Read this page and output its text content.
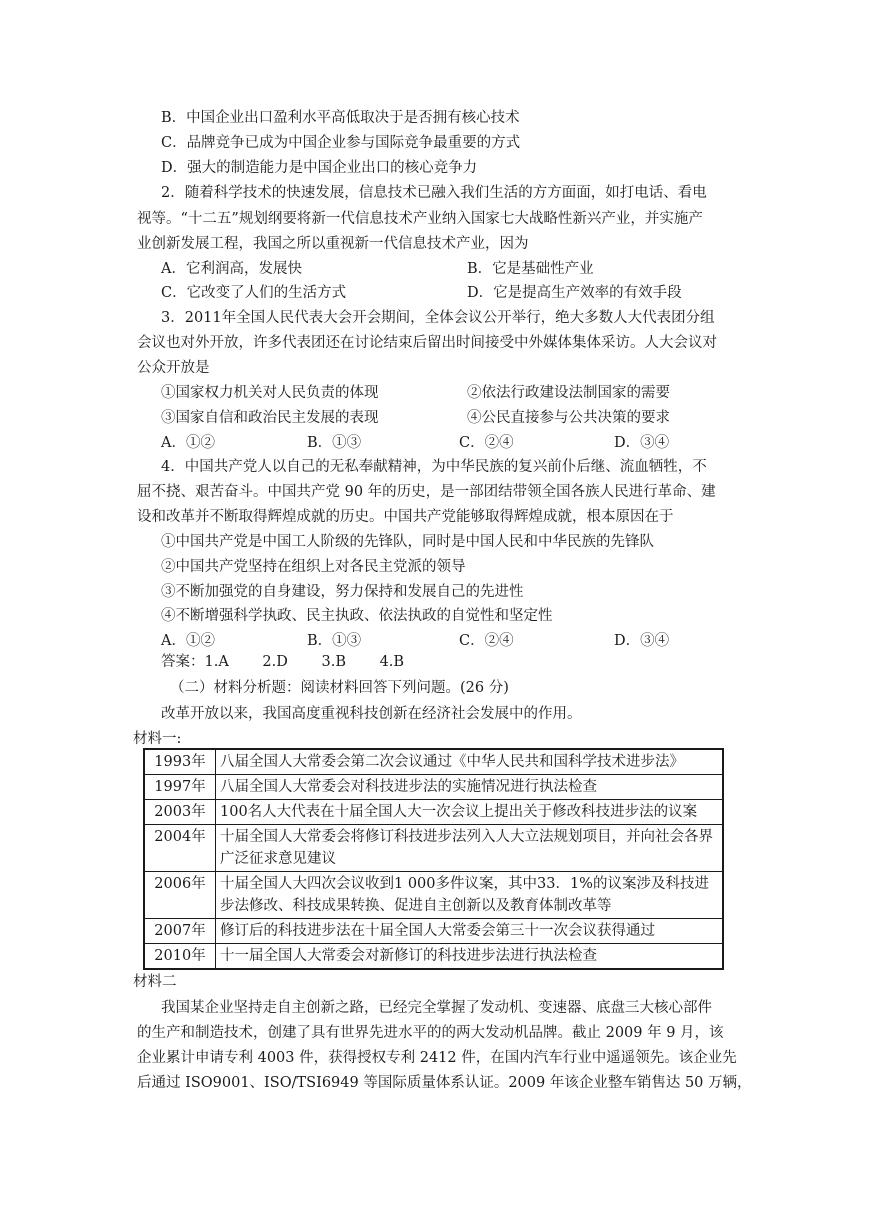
B．中国企业出口盈利水平高低取决于是否拥有核心技术
C．品牌竞争已成为中国企业参与国际竞争最重要的方式
D．强大的制造能力是中国企业出口的核心竞争力
2．随着科学技术的快速发展，信息技术已融入我们生活的方方面面，如打电话、看电
视等。“十二五”规划纲要将新一代信息技术产业纳入国家七大战略性新兴产业，并实施产
业创新发展工程，我国之所以重视新一代信息技术产业，因为
A．它利润高，发展快	B．它是基础性产业
C．它改变了人们的生活方式	D．它是提高生产效率的有效手段
3．2011年全国人民代表大会开会期间，全体会议公开举行，绝大多数人大代表团分组
会议也对外开放，许多代表团还在讨论结束后留出时间接受中外媒体集体采访。人大会议对
公众开放是
①国家权力机关对人民负责的体现	②依法行政建设法制国家的需要
③国家自信和政治民主发展的表现	④公民直接参与公共决策的要求
A．①②	B．①③	C．②④	D．③④
4．中国共产党人以自己的无私奉献精神，为中华民族的复兴前仆后继、流血牺牲，不
屈不挠、艰苦奋斗。中国共产党 90 年的历史，是一部团结带领全国各族人民进行革命、建
设和改革并不断取得辉煌成就的历史。中国共产党能够取得辉煌成就，根本原因在于
①中国共产党是中国工人阶级的先锋队，同时是中国人民和中华民族的先锋队
②中国共产党坚持在组织上对各民主党派的领导
③不断加强党的自身建设，努力保持和发展自己的先进性
④不断增强科学执政、民主执政、依法执政的自觉性和坚定性
A．①②	B．①③	C．②④	D．③④
答案：1.A　　 2.D　　 3.B　　 4.B
（二）材料分析题：阅读材料回答下列问题。(26 分)
改革开放以来，我国高度重视科技创新在经济社会发展中的作用。
材料一:
1993年	八届全国人大常委会第二次会议通过《中华人民共和国科学技术进步法》
1997年	八届全国人大常委会对科技进步法的实施情况进行执法检查
2003年	100名人大代表在十届全国人大一次会议上提出关于修改科技进步法的议案
2004年	十届全国人大常委会将修订科技进步法列入人大立法规划项目，并向社会各界广泛征求意见建议
2006年	十届全国人大四次会议收到1 000多件议案，其中33．1%的议案涉及科技进步法修改、科技成果转换、促进自主创新以及教育体制改革等
2007年	修订后的科技进步法在十届全国人大常委会第三十一次会议获得通过
2010年	十一届全国人大常委会对新修订的科技进步法进行执法检查
材料二
我国某企业坚持走自主创新之路，已经完全掌握了发动机、变速器、底盘三大核心部件
的生产和制造技术，创建了具有世界先进水平的的两大发动机品牌。截止 2009 年 9 月，该
企业累计申请专利 4003 件，获得授权专利 2412 件，在国内汽车行业中遥遥领先。该企业先
后通过 ISO9001、ISO/TSI6949 等国际质量体系认证。2009 年该企业整车销售达 50 万辆，
